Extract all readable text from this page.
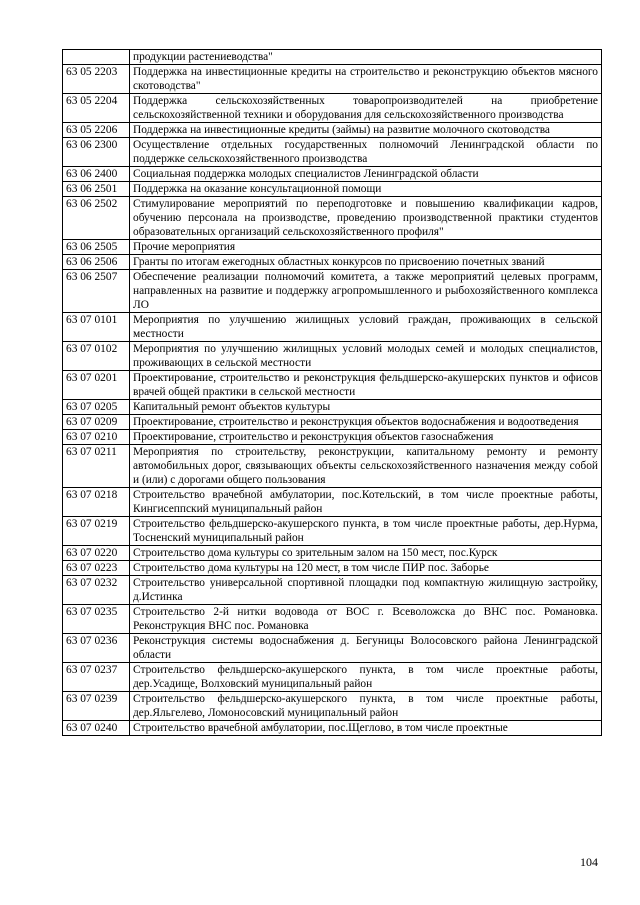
	продукции растениеводства"
63 05 2203	Поддержка на инвестиционные кредиты на строительство и реконструкцию объектов мясного скотоводства"
63 05 2204	Поддержка сельскохозяйственных товаропроизводителей на приобретение сельскохозяйственной техники и оборудования для сельскохозяйственного производства
63 05 2206	Поддержка на инвестиционные кредиты (займы) на развитие молочного скотоводства
63 06 2300	Осуществление отдельных государственных полномочий Ленинградской области по поддержке сельскохозяйственного производства
63 06 2400	Социальная поддержка молодых специалистов Ленинградской области
63 06 2501	Поддержка на оказание консультационной помощи
63 06 2502	Стимулирование мероприятий по переподготовке и повышению квалификации кадров, обучению персонала на производстве, проведению производственной практики студентов образовательных организаций сельскохозяйственного профиля"
63 06 2505	Прочие мероприятия
63 06 2506	Гранты по итогам ежегодных областных конкурсов по присвоению почетных званий
63 06 2507	Обеспечение реализации полномочий комитета, а также мероприятий целевых программ, направленных на развитие и поддержку агропромышленного и рыбохозяйственного комплекса ЛО
63 07 0101	Мероприятия по улучшению жилищных условий граждан, проживающих в сельской местности
63 07 0102	Мероприятия по улучшению жилищных условий молодых семей и молодых специалистов, проживающих в сельской местности
63 07 0201	Проектирование, строительство и реконструкция фельдшерско-акушерских пунктов и офисов врачей общей практики в сельской местности
63 07 0205	Капитальный ремонт объектов культуры
63 07 0209	Проектирование, строительство и реконструкция объектов водоснабжения и водоотведения
63 07 0210	Проектирование, строительство и реконструкция объектов газоснабжения
63 07 0211	Мероприятия по строительству, реконструкции, капитальному ремонту и ремонту автомобильных дорог, связывающих объекты сельскохозяйственного назначения между собой и (или) с дорогами общего пользования
63 07 0218	Строительство врачебной амбулатории, пос.Котельский, в том числе проектные работы, Кингисеппский муниципальный район
63 07 0219	Строительство фельдшерско-акушерского пункта, в том числе проектные работы, дер.Нурма, Тосненский муниципальный район
63 07 0220	Строительство дома культуры со зрительным залом на 150 мест, пос.Курск
63 07 0223	Строительство дома культуры на 120 мест, в том числе ПИР пос. Заборье
63 07 0232	Строительство универсальной спортивной площадки под компактную жилищную застройку, д.Истинка
63 07 0235	Строительство 2-й нитки водовода от ВОС г. Всеволожска до ВНС пос. Романовка. Реконструкция ВНС пос. Романовка
63 07 0236	Реконструкция системы водоснабжения д. Бегуницы Волосовского района Ленинградской области
63 07 0237	Строительство фельдшерско-акушерского пункта, в том числе проектные работы, дер.Усадище, Волховский муниципальный район
63 07 0239	Строительство фельдшерско-акушерского пункта, в том числе проектные работы, дер.Яльгелево, Ломоносовский муниципальный район
63 07 0240	Строительство врачебной амбулатории, пос.Щеглово, в том числе проектные
104
